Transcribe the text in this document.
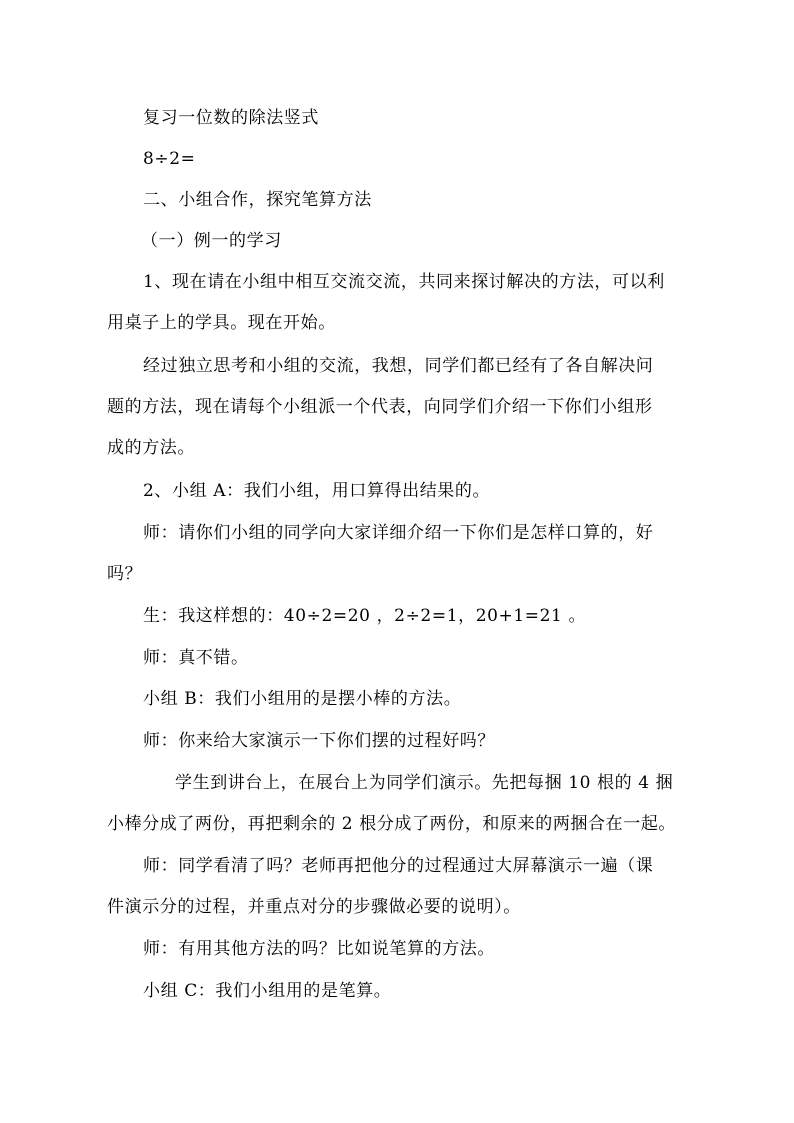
复习一位数的除法竖式
8÷2=
二、小组合作，探究笔算方法
（一）例一的学习
1、现在请在小组中相互交流交流，共同来探讨解决的方法，可以利
用桌子上的学具。现在开始。
经过独立思考和小组的交流，我想，同学们都已经有了各自解决问
题的方法，现在请每个小组派一个代表，向同学们介绍一下你们小组形
成的方法。
2、小组 A：我们小组，用口算得出结果的。
师：请你们小组的同学向大家详细介绍一下你们是怎样口算的，好
吗？
生：我这样想的：40÷2=20 ，2÷2=1，20+1=21 。
师：真不错。
小组 B：我们小组用的是摆小棒的方法。
师：你来给大家演示一下你们摆的过程好吗？
学生到讲台上，在展台上为同学们演示。先把每捆 10 根的 4 捆
小棒分成了两份，再把剩余的 2 根分成了两份，和原来的两捆合在一起。
师：同学看清了吗？老师再把他分的过程通过大屏幕演示一遍（课
件演示分的过程，并重点对分的步骤做必要的说明）。
师：有用其他方法的吗？比如说笔算的方法。
小组 C：我们小组用的是笔算。
